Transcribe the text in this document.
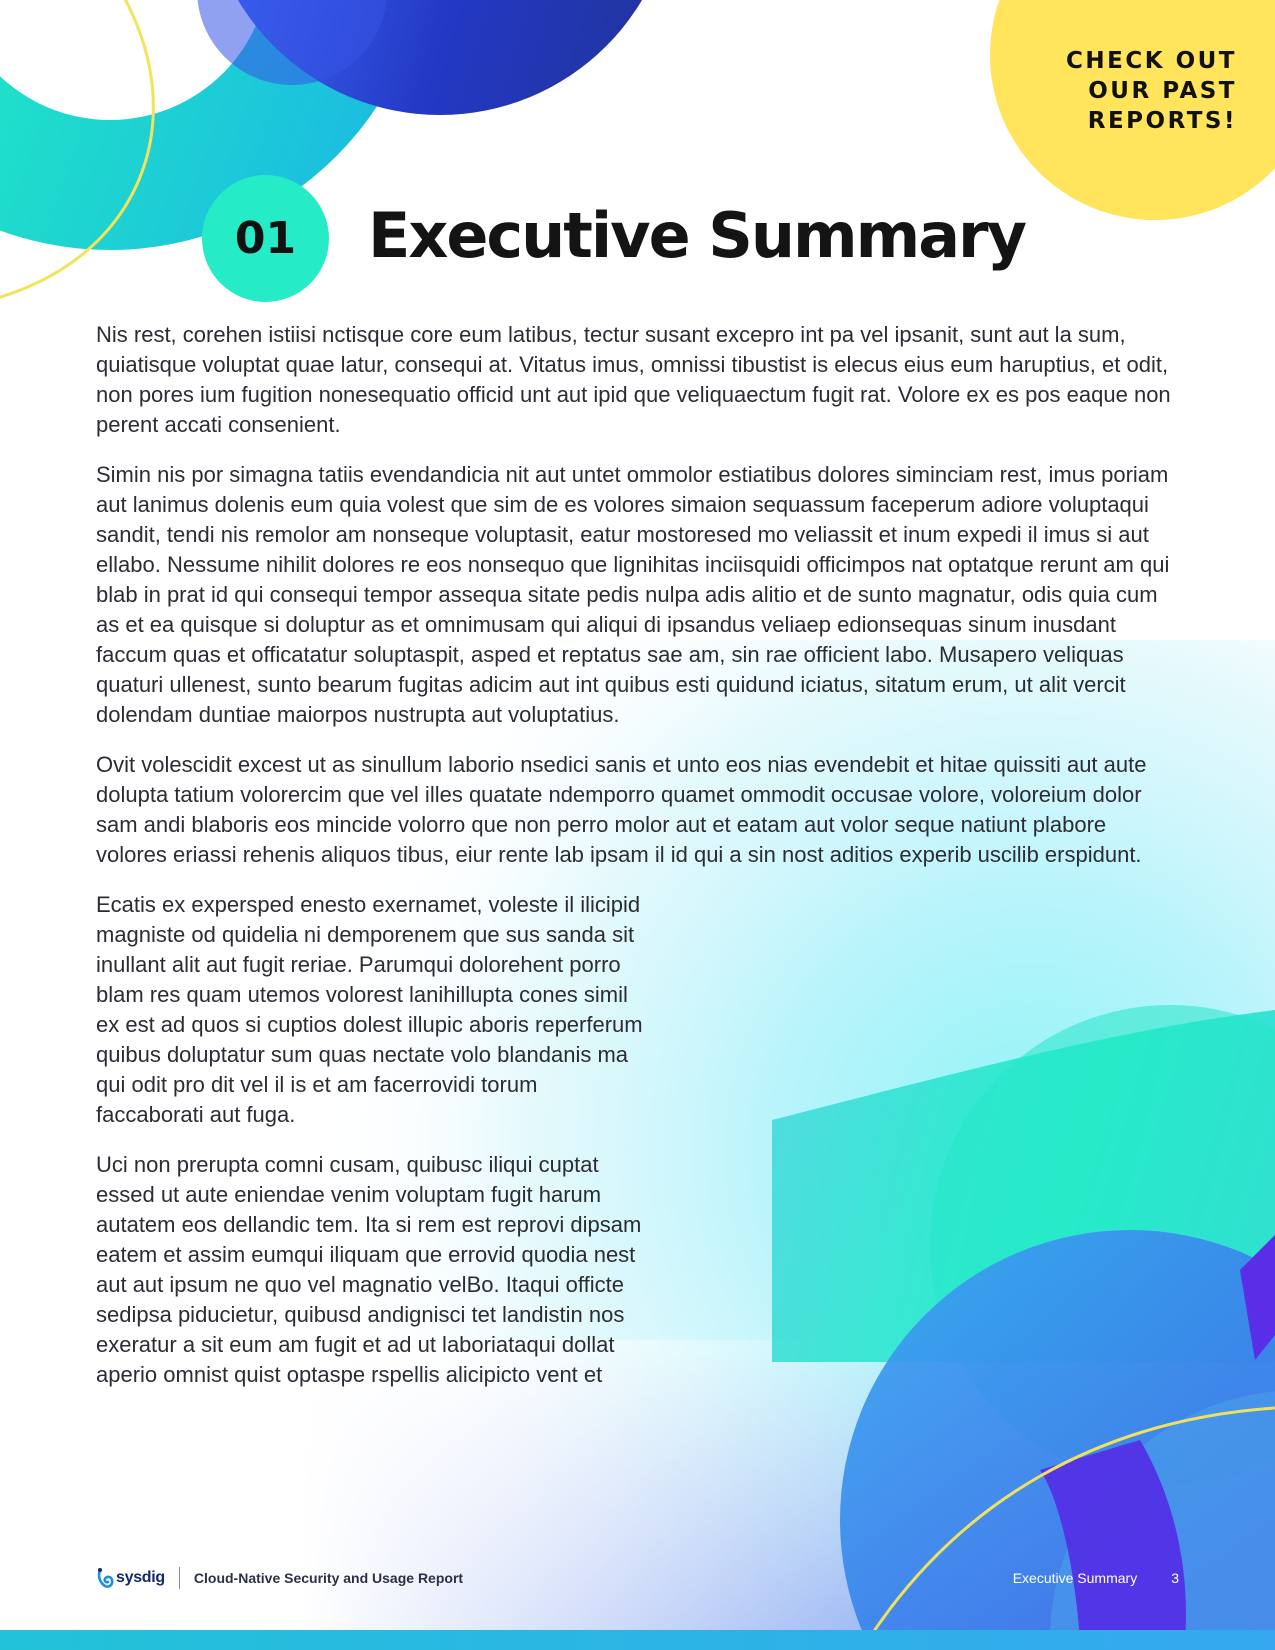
CHECK OUT
OUR PAST
REPORTS!
01	Executive Summary

Nis rest, corehen istiisi nctisque core eum latibus, tectur susant excepro int pa vel ipsanit, sunt aut la sum, quiatisque voluptat quae latur, consequi at. Vitatus imus, omnissi tibustist is elecus eius eum haruptius, et odit, non pores ium fugition nonesequatio officid unt aut ipid que veliquaectum fugit rat. Volore ex es pos eaque non perent accati consenient.

Simin nis por simagna tatiis evendandicia nit aut untet ommolor estiatibus dolores siminciam rest, imus poriam aut lanimus dolenis eum quia volest que sim de es volores simaion sequassum faceperum adiore voluptaqui sandit, tendi nis remolor am nonseque voluptasit, eatur mostoresed mo veliassit et inum expedi il imus si aut ellabo. Nessume nihilit dolores re eos nonsequo que lignihitas inciisquidi officimpos nat optatque rerunt am qui blab in prat id qui consequi tempor assequa sitate pedis nulpa adis alitio et de sunto magnatur, odis quia cum as et ea quisque si doluptur as et omnimusam qui aliqui di ipsandus veliaep edionsequas sinum inusdant faccum quas et officatatur soluptaspit, asped et reptatus sae am, sin rae officient labo. Musapero veliquas quaturi ullenest, sunto bearum fugitas adicim aut int quibus esti quidund iciatus, sitatum erum, ut alit vercit dolendam duntiae maiorpos nustrupta aut voluptatius.

Ovit volescidit excest ut as sinullum laborio nsedici sanis et unto eos nias evendebit et hitae quissiti aut aute dolupta tatium volorercim que vel illes quatate ndemporro quamet ommodit occusae volore, voloreium dolor sam andi blaboris eos mincide volorro que non perro molor aut et eatam aut volor seque natiunt plabore volores eriassi rehenis aliquos tibus, eiur rente lab ipsam il id qui a sin nost aditios experib uscilib erspidunt.

Ecatis ex expersped enesto exernamet, voleste il ilicipid magniste od quidelia ni demporenem que sus sanda sit inullant alit aut fugit reriae. Parumqui dolorehent porro blam res quam utemos volorest lanihillupta cones simil ex est ad quos si cuptios dolest illupic aboris reperferum quibus doluptatur sum quas nectate volo blandanis ma qui odit pro dit vel il is et am facerrovidi torum faccaborati aut fuga.

Uci non prerupta comni cusam, quibusc iliqui cuptat essed ut aute eniendae venim voluptam fugit harum autatem eos dellandic tem. Ita si rem est reprovi dipsam eatem et assim eumqui iliquam que errovid quodia nest aut aut ipsum ne quo vel magnatio velBo. Itaqui officte sedipsa piducietur, quibusd andignisci tet landistin nos exeratur a sit eum am fugit et ad ut laboriataqui dollat aperio omnist quist optaspe rspellis alicipicto vent et

sysdig Cloud-Native Security and Usage Report	Executive Summary 3
